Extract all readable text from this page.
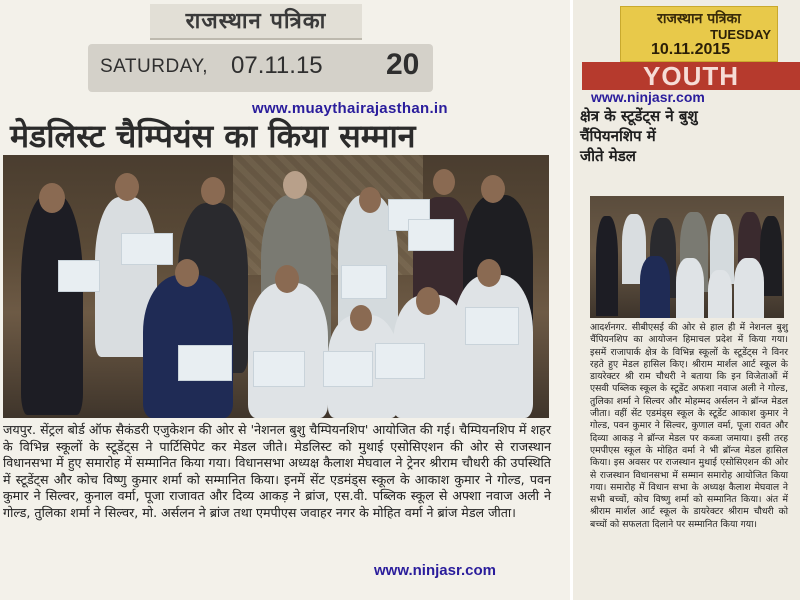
राजस्थान पत्रिका
SATURDAY, 07.11.15 20
www.muaythairajasthan.in
मेडलिस्ट चैम्पियंस का किया सम्मान
जयपुर. सेंट्रल बोर्ड ऑफ सैकंडरी एजुकेशन की ओर से 'नेशनल बुशु चैम्पियनशिप' आयोजित की गई। चैम्पियनशिप में शहर के विभिन्न स्कूलों के स्टूडेंट्स ने पार्टिसिपेट कर मेडल जीते। मेडलिस्ट को मुथाई एसोसिएशन की ओर से राजस्थान विधानसभा में हुए समारोह में सम्मानित किया गया। विधानसभा अध्यक्ष कैलाश मेघवाल ने ट्रेनर श्रीराम चौधरी की उपस्थिति में स्टूडेंट्स और कोच विष्णु कुमार शर्मा को सम्मानित किया। इनमें सेंट एडमंड्स स्कूल के आकाश कुमार ने गोल्ड, पवन कुमार ने सिल्वर, कुनाल वर्मा, पूजा राजावत और दिव्य आकड़ ने ब्रांज, एस.वी. पब्लिक स्कूल से अफ्शा नवाज अली ने गोल्ड, तुलिका शर्मा ने सिल्वर, मो. अर्सलन ने ब्रांज तथा एमपीएस जवाहर नगर के मोहित वर्मा ने ब्रांज मेडल जीता।
www.ninjasr.com
राजस्थान पत्रिका
TUESDAY
10.11.2015
YOUTH
www.ninjasr.com
क्षेत्र के स्टूडेंट्स ने बुशु
चैंपियनशिप में
जीते मेडल
आदर्शनगर. सीबीएसई की ओर से हाल ही में नेशनल बुशु चैंपियनशिप का आयोजन हिमाचल प्रदेश में किया गया। इसमें राजापार्क क्षेत्र के विभिन्न स्कूलों के स्टूडेंट्स ने विनर रहते हुए मेडल हासिल किए। श्रीराम मार्शल आर्ट स्कूल के डायरेक्टर श्री राम चौधरी ने बताया कि इन विजेताओं में एसवी पब्लिक स्कूल के स्टूडेंट अफशा नवाज अली ने गोल्ड, तुलिका शर्मा ने सिल्वर और मोहम्मद अर्सलन ने ब्रॉन्ज मेडल जीता। वहीं सेंट एडमंड्स स्कूल के स्टूडेंट आकाश कुमार ने गोल्ड, पवन कुमार ने सिल्वर, कुणाल वर्मा, पूजा रावत और दिव्या आकड़ ने ब्रॉन्ज मेडल पर कब्जा जमाया। इसी तरह एमपीएस स्कूल के मोहित वर्मा ने भी ब्रॉन्ज मेडल हासिल किया। इस अवसर पर राजस्थान मुथाई एसोसिएशन की ओर से राजस्थान विधानसभा में सम्मान समारोह आयोजित किया गया। समारोह में विधान सभा के अध्यक्ष कैलाश मेघवाल ने सभी बच्चों, कोच विष्णु शर्मा को सम्मानित किया। अंत में श्रीराम मार्शल आर्ट स्कूल के डायरेक्टर श्रीराम चौधरी को बच्चों को सफलता दिलाने पर सम्मानित किया गया।
